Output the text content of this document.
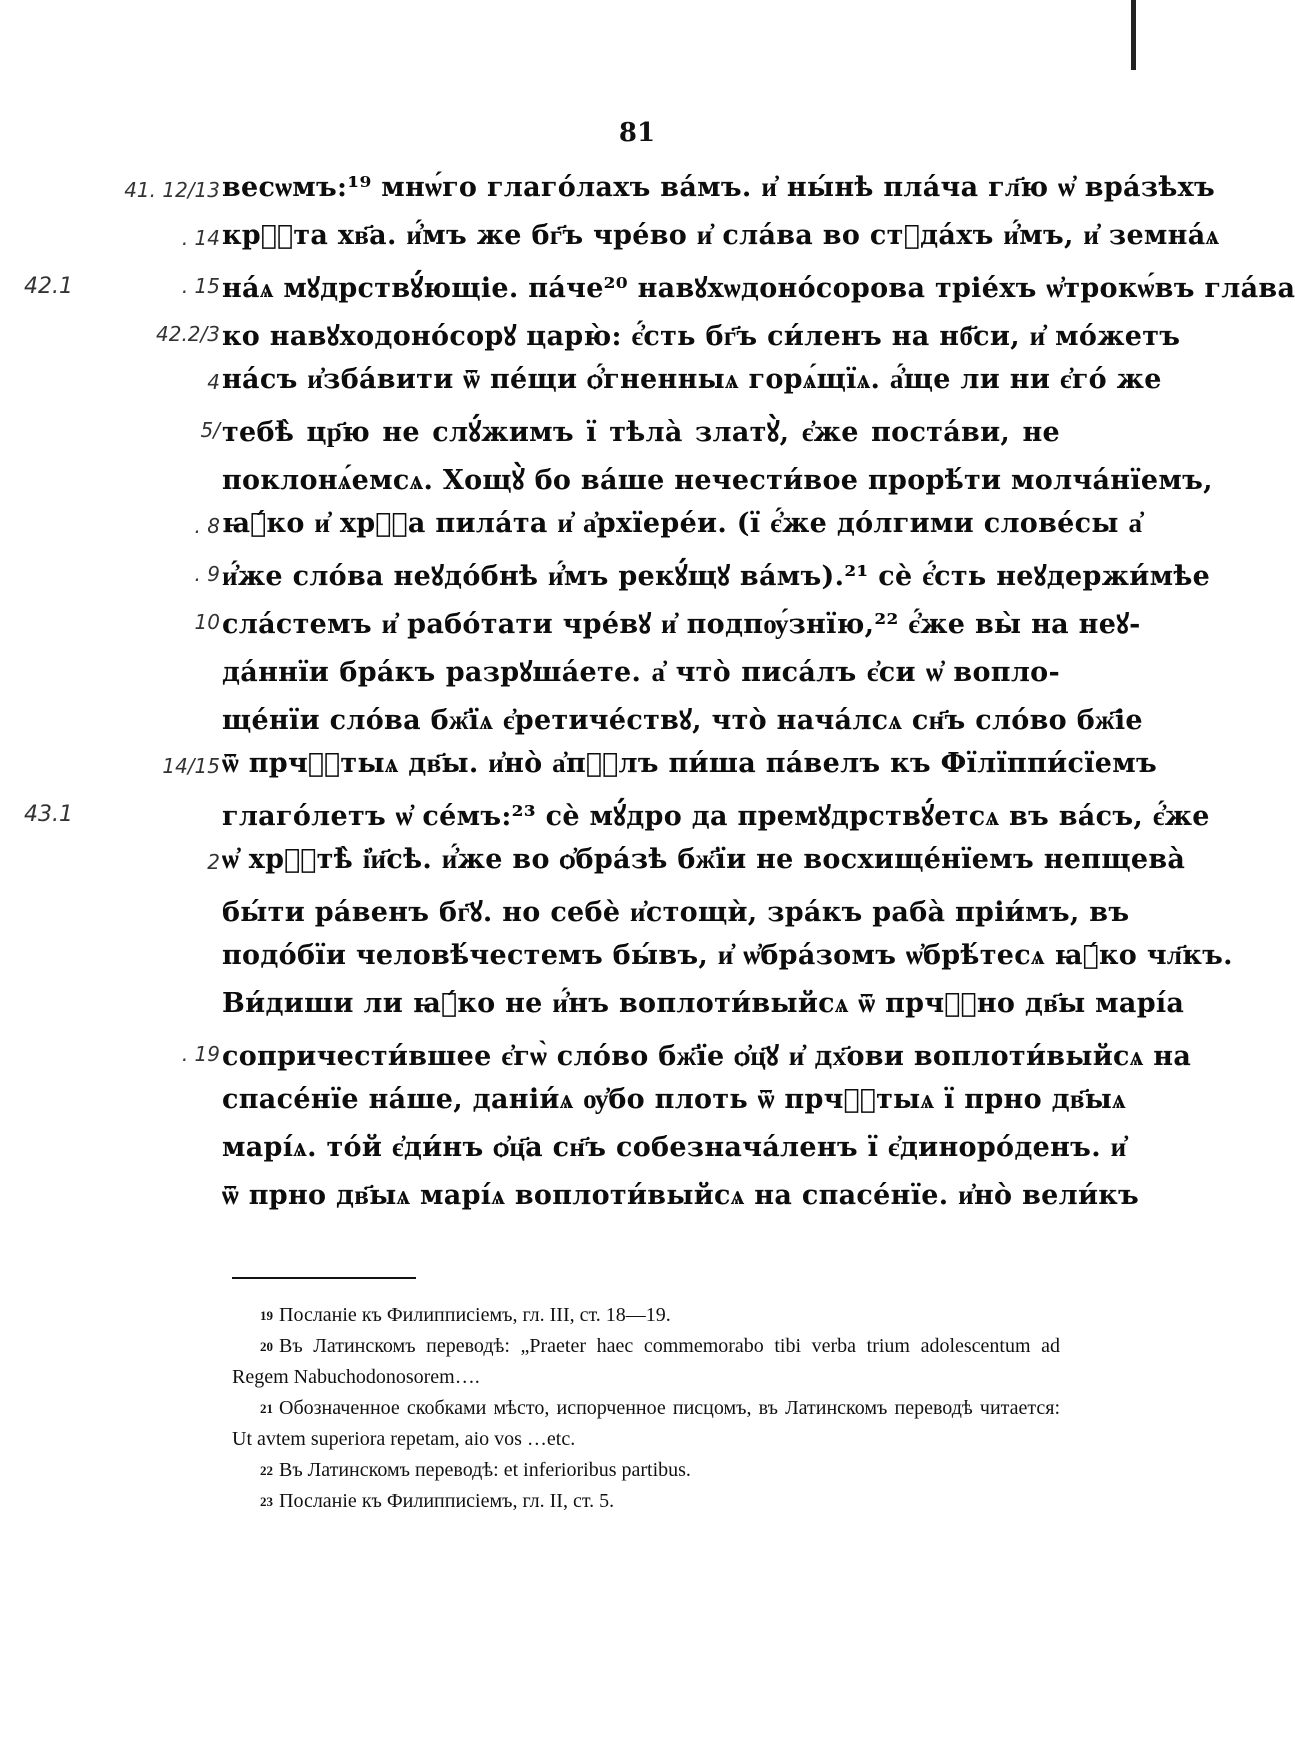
81
41. 12/13 весѡмъ:¹⁹ мнѡ́го глаго́лахъ ва́мъ. и҆ ны́нѣ пла́ча гл҃ю ѡ҆ вра́зѣхъ
. 14 крⷭ҇та хв҃а. и҆́мъ же бг҃ъ чре́во и҆ сла́ва во стꙋда́хъ и҆́мъ, и҆ земна́ѧ
42.1	. 15 на́ѧ мꙋдрствꙋ́ющіе. па́че²⁰ навꙋхѡдоно́сорова тріе́хъ ѡ҆трокѡ́въ гла́ва
42.2/3 ко навꙋходоно́сорꙋ царю̀: є҆́сть бг҃ъ си́ленъ на нб҃си, и҆ мо́жетъ
4 на́съ и҆зба́вити ѿ пе́щи ѻ҆́гненныѧ горѧ́щїѧ. а҆́ще ли ни є҆го́ же
5/ тебѣ̀ цр҃ю не слꙋ́жимъ ї тѣла̀ златꙋ̀, є҆же поста́ви, не
поклонѧ́емсѧ. Хощꙋ̀ бо ва́ше нечести́вое прорѣ́ти молча́нїемъ,
. 8 ꙗ҆́ко и҆ хрⷭ҇а пила́та и҆ а҆рхїере́и. (ї є҆́же до́лгими слове́сы а҆
. 9 и҆́же сло́ва неꙋдо́бнѣ и҆́мъ рекꙋ́щꙋ ва́мъ).²¹ сѐ є҆́сть неꙋдержи́мѣе
10 сла́стемъ и҆ рабо́тати чре́вꙋ и҆ подпѹ́знїю,²² є҆́же вы̀ на неꙋ-
да́ннїи бра́къ разрꙋша́ете. а҆ что̀ писа́лъ є҆си ѡ҆ вопло-
ще́нїи сло́ва бж҃їѧ є҆ретиче́ствꙋ, что̀ нача́лсѧ сн҃ъ сло́во бж҃іе
14/15 ѿ прчⷭ҇тыѧ дв҃ы. и҆но̀ а҆пⷭ҇лъ пи́ша па́велъ къ Фїлїппи́сїемъ
43.1	глаго́летъ ѡ҆ се́мъ:²³ сѐ мꙋ́дро да премꙋдрствꙋ́етсѧ въ ва́съ, є҆́же
2 ѡ҆ хрⷭ҇тѣ̀ і҆и҃сѣ. и҆́же во ѻ҆бра́зѣ бж҃їи не восхище́нїемъ непщева̀
бы́ти ра́венъ бг҃ꙋ. но себѐ и҆стощѝ, зра́къ раба̀ пріи́мъ, въ
подо́бїи человѣ́честемъ бы́въ, и҆ ѡ҆бра́зомъ ѡ҆брѣ́тесѧ ꙗ҆́ко чл҃къ.
Ви́диши ли ꙗ҆́ко не и҆́нъ воплоти́выйсѧ ѿ прчⷭ҇но дв҃ы марі́а
. 19 сопричести́вшее є҆гѡ̀ сло́во бж҃їе ѻ҆ц҃ꙋ и҆ дх҃ови воплоти́выйсѧ на
спасе́нїе на́ше, даніи́ѧ ѹ҆бо плоть ѿ прчⷭ҇тыѧ ї прно дв҃ыѧ
марі́ѧ. то́й є҆ди́нъ ѻ҆ц҃а сн҃ъ собезнача́ленъ ї є҆диноро́денъ. и҆
ѿ прно дв҃ыѧ марі́ѧ воплоти́выйсѧ на спасе́нїе. и҆но̀ вели́къ
$^{19}$ Посланіе къ Филипписіемъ, гл. III, ст. 18—19.
$^{20}$ Въ Латинскомъ переводѣ: „Praeter haec commemorabo tibi verba trium adolescentum ad Regem Nabuchodonosorem….
$^{21}$ Обозначенное скобками мѣсто, испорченное писцомъ, въ Латинскомъ переводѣ читается: Ut avtem superiora repetam, aio vos …etc.
$^{22}$ Въ Латинскомъ переводѣ: et inferioribus partibus.
$^{23}$ Посланіе къ Филипписіемъ, гл. II, ст. 5.
